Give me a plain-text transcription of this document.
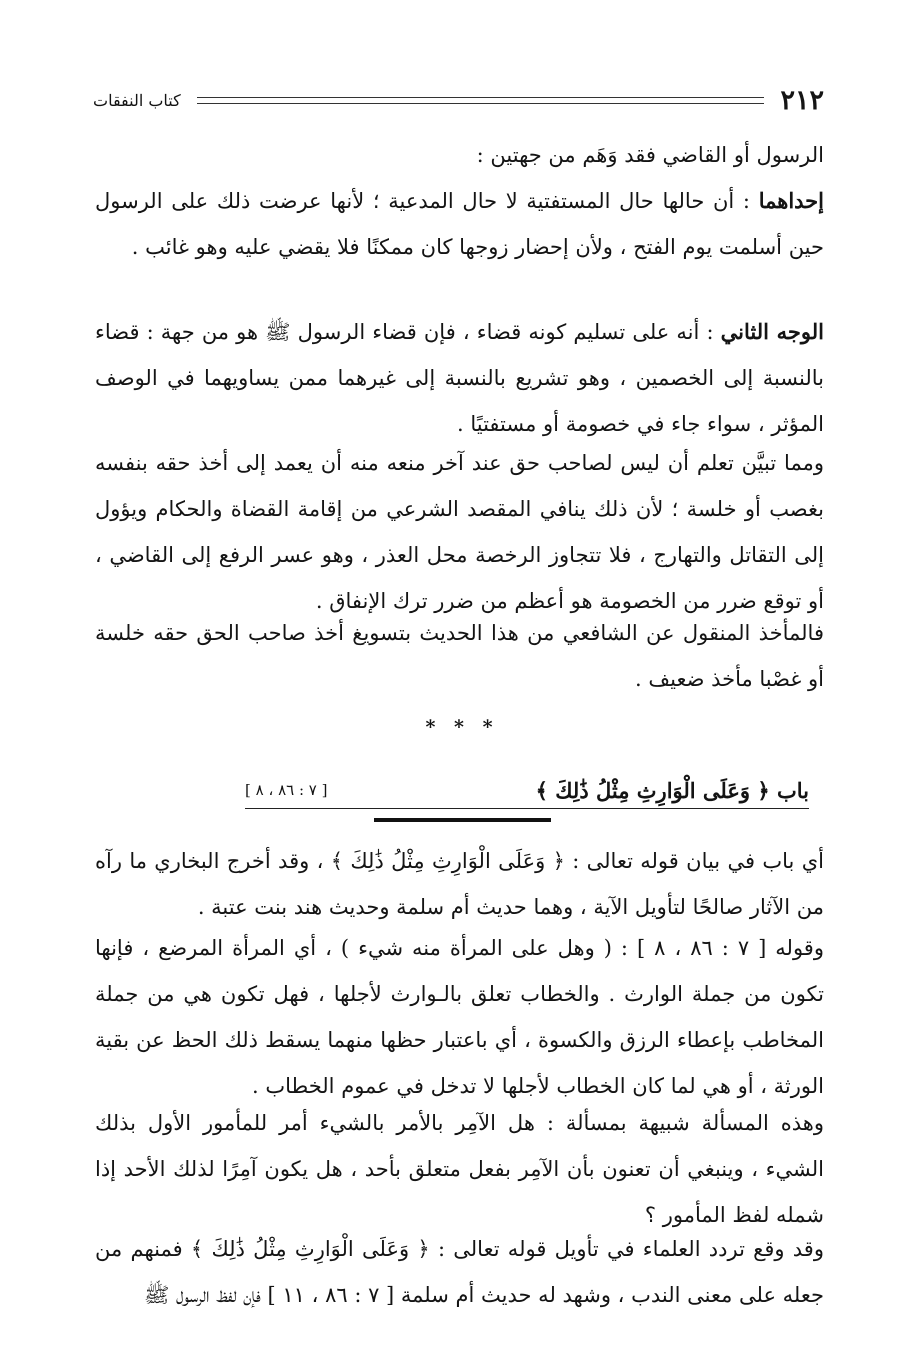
٢١٢
كتاب النفقات

الرسول أو القاضي فقد وَهَم من جهتين :

إحداهما : أن حالها حال المستفتية لا حال المدعية ؛ لأنها عرضت ذلك على الرسول حين أسلمت يوم الفتح ، ولأن إحضار زوجها كان ممكنًا فلا يقضي عليه وهو غائب .

الوجه الثاني : أنه على تسليم كونه قضاء ، فإن قضاء الرسول ﷺ هو من جهة : قضاء بالنسبة إلى الخصمين ، وهو تشريع بالنسبة إلى غيرهما ممن يساويهما في الوصف المؤثر ، سواء جاء في خصومة أو مستفتيًا .

ومما تبيَّن تعلم أن ليس لصاحب حق عند آخر منعه منه أن يعمد إلى أخذ حقه بنفسه بغصب أو خلسة ؛ لأن ذلك ينافي المقصد الشرعي من إقامة القضاة والحكام ويؤول إلى التقاتل والتهارج ، فلا تتجاوز الرخصة محل العذر ، وهو عسر الرفع إلى القاضي ، أو توقع ضرر من الخصومة هو أعظم من ضرر ترك الإنفاق .

فالمأخذ المنقول عن الشافعي من هذا الحديث بتسويغ أخذ صاحب الحق حقه خلسة أو غصْبا مأخذ ضعيف .

* * *
باب ﴿ وَعَلَى الْوَارِثِ مِثْلُ ذَٰلِكَ ﴾
[ ٧ : ٨٦ ، ٨ ]

أي باب في بيان قوله تعالى : ﴿ وَعَلَى الْوَارِثِ مِثْلُ ذَٰلِكَ ﴾ ، وقد أخرج البخاري ما رآه من الآثار صالحًا لتأويل الآية ، وهما حديث أم سلمة وحديث هند بنت عتبة .

وقوله [ ٧ : ٨٦ ، ٨ ] : ( وهل على المرأة منه شيء ) ، أي المرأة المرضع ، فإنها تكون من جملة الوارث . والخطاب تعلق بالـوارث لأجلها ، فهل تكون هي من جملة المخاطب بإعطاء الرزق والكسوة ، أي باعتبار حظها منهما يسقط ذلك الحظ عن بقية الورثة ، أو هي لما كان الخطاب لأجلها لا تدخل في عموم الخطاب .

وهذه المسألة شبيهة بمسألة : هل الآمِر بالأمر بالشيء أمر للمأمور الأول بذلك الشيء ، وينبغي أن تعنون بأن الآمِر بفعل متعلق بأحد ، هل يكون آمِرًا لذلك الأحد إذا شمله لفظ المأمور ؟

وقد وقع تردد العلماء في تأويل قوله تعالى : ﴿ وَعَلَى الْوَارِثِ مِثْلُ ذَٰلِكَ ﴾ فمنهم من جعله على معنى الندب ، وشهد له حديث أم سلمة [ ٧ : ٨٦ ، ١١ ] فإن لفظ الرسول ﷺ
